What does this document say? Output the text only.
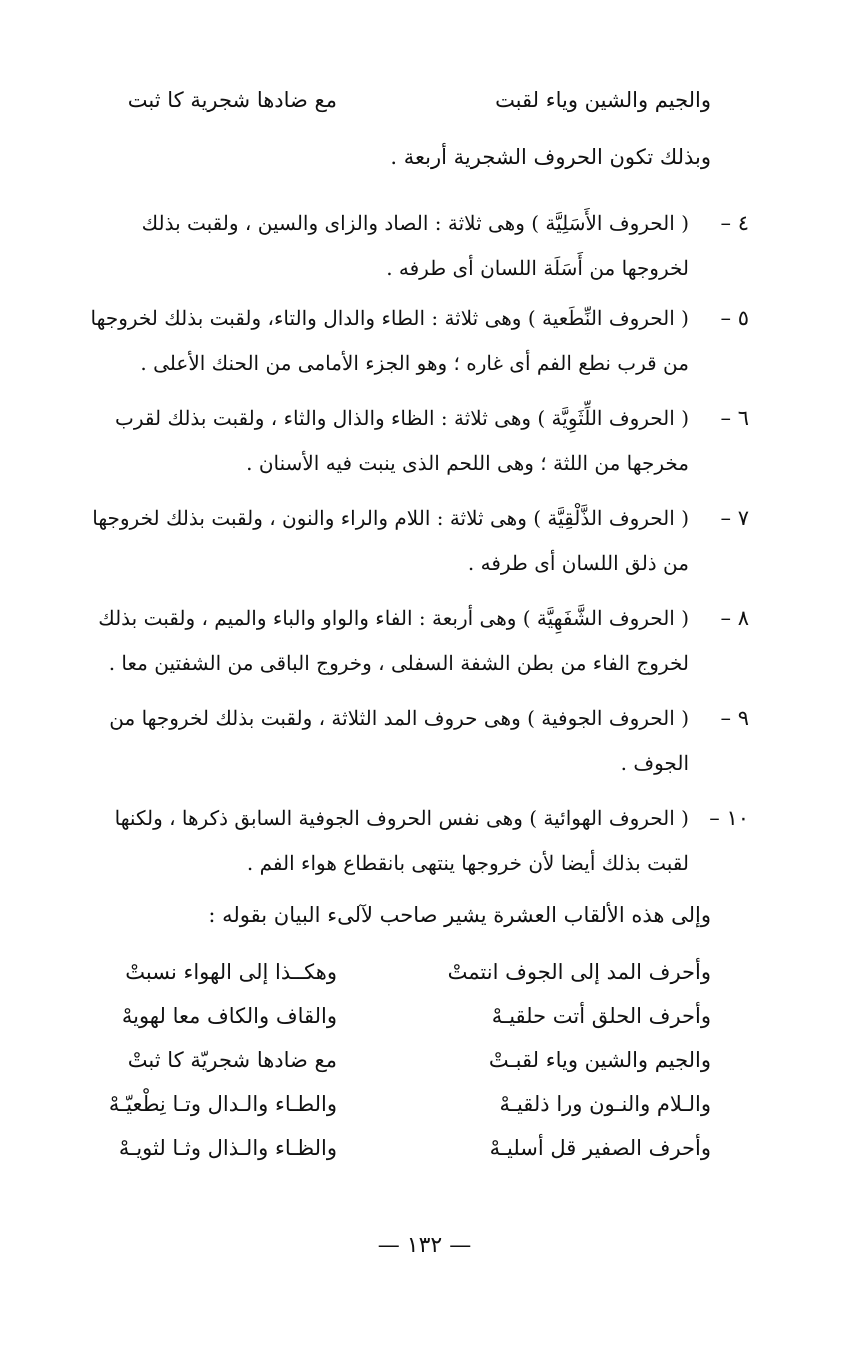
والجيم والشين وياء لقبت
مع ضادها شجرية كا ثبت
وبذلك تكون الحروف الشجرية أربعة .
٤ –
( الحروف الأَسَلِيَّة ) وهى ثلاثة : الصاد والزاى والسين ، ولقبت بذلك
لخروجها من أَسَلَة اللسان أى طرفه .
٥ –
( الحروف النِّطَعية ) وهى ثلاثة : الطاء والدال والتاء، ولقبت بذلك لخروجها
من قرب نطع الفم أى غاره ؛ وهو الجزء الأمامى من الحنك الأعلى .
٦ –
( الحروف اللِّثَوِيَّة ) وهى ثلاثة : الظاء والذال والثاء ، ولقبت بذلك لقرب
مخرجها من اللثة ؛ وهى اللحم الذى ينبت فيه الأسنان .
٧ –
( الحروف الذَّلْقِيَّة ) وهى ثلاثة : اللام والراء والنون ، ولقبت بذلك لخروجها
من ذلق اللسان أى طرفه .
٨ –
( الحروف الشَّفَهِيَّة ) وهى أربعة : الفاء والواو والباء والميم ، ولقبت بذلك
لخروج الفاء من بطن الشفة السفلى ، وخروج الباقى من الشفتين معا .
٩ –
( الحروف الجوفية ) وهى حروف المد الثلاثة ، ولقبت بذلك لخروجها من
الجوف .
١٠ –
( الحروف الهوائية ) وهى نفس الحروف الجوفية السابق ذكرها ، ولكنها
لقبت بذلك أيضا لأن خروجها ينتهى بانقطاع هواء الفم .
وإلى هذه الألقاب العشرة يشير صاحب لآلىء البيان بقوله :
وأحرف المد إلى الجوف انتمتْ
وهكــذا إلى الهواء نسبتْ
وأحرف الحلق أتت حلقيـهْ
والقاف والكاف معا لهويهْ
والجيم والشين وياء لقبـتْ
مع ضادها شجريّة كا ثبتْ
والـلام والنـون ورا ذلقيـهْ
والطـاء والـدال وتـا نِطْعيّـهْ
وأحرف الصفير قل أسليـهْ
والظـاء والـذال وثـا لثويـهْ
— ١٣٢ —
